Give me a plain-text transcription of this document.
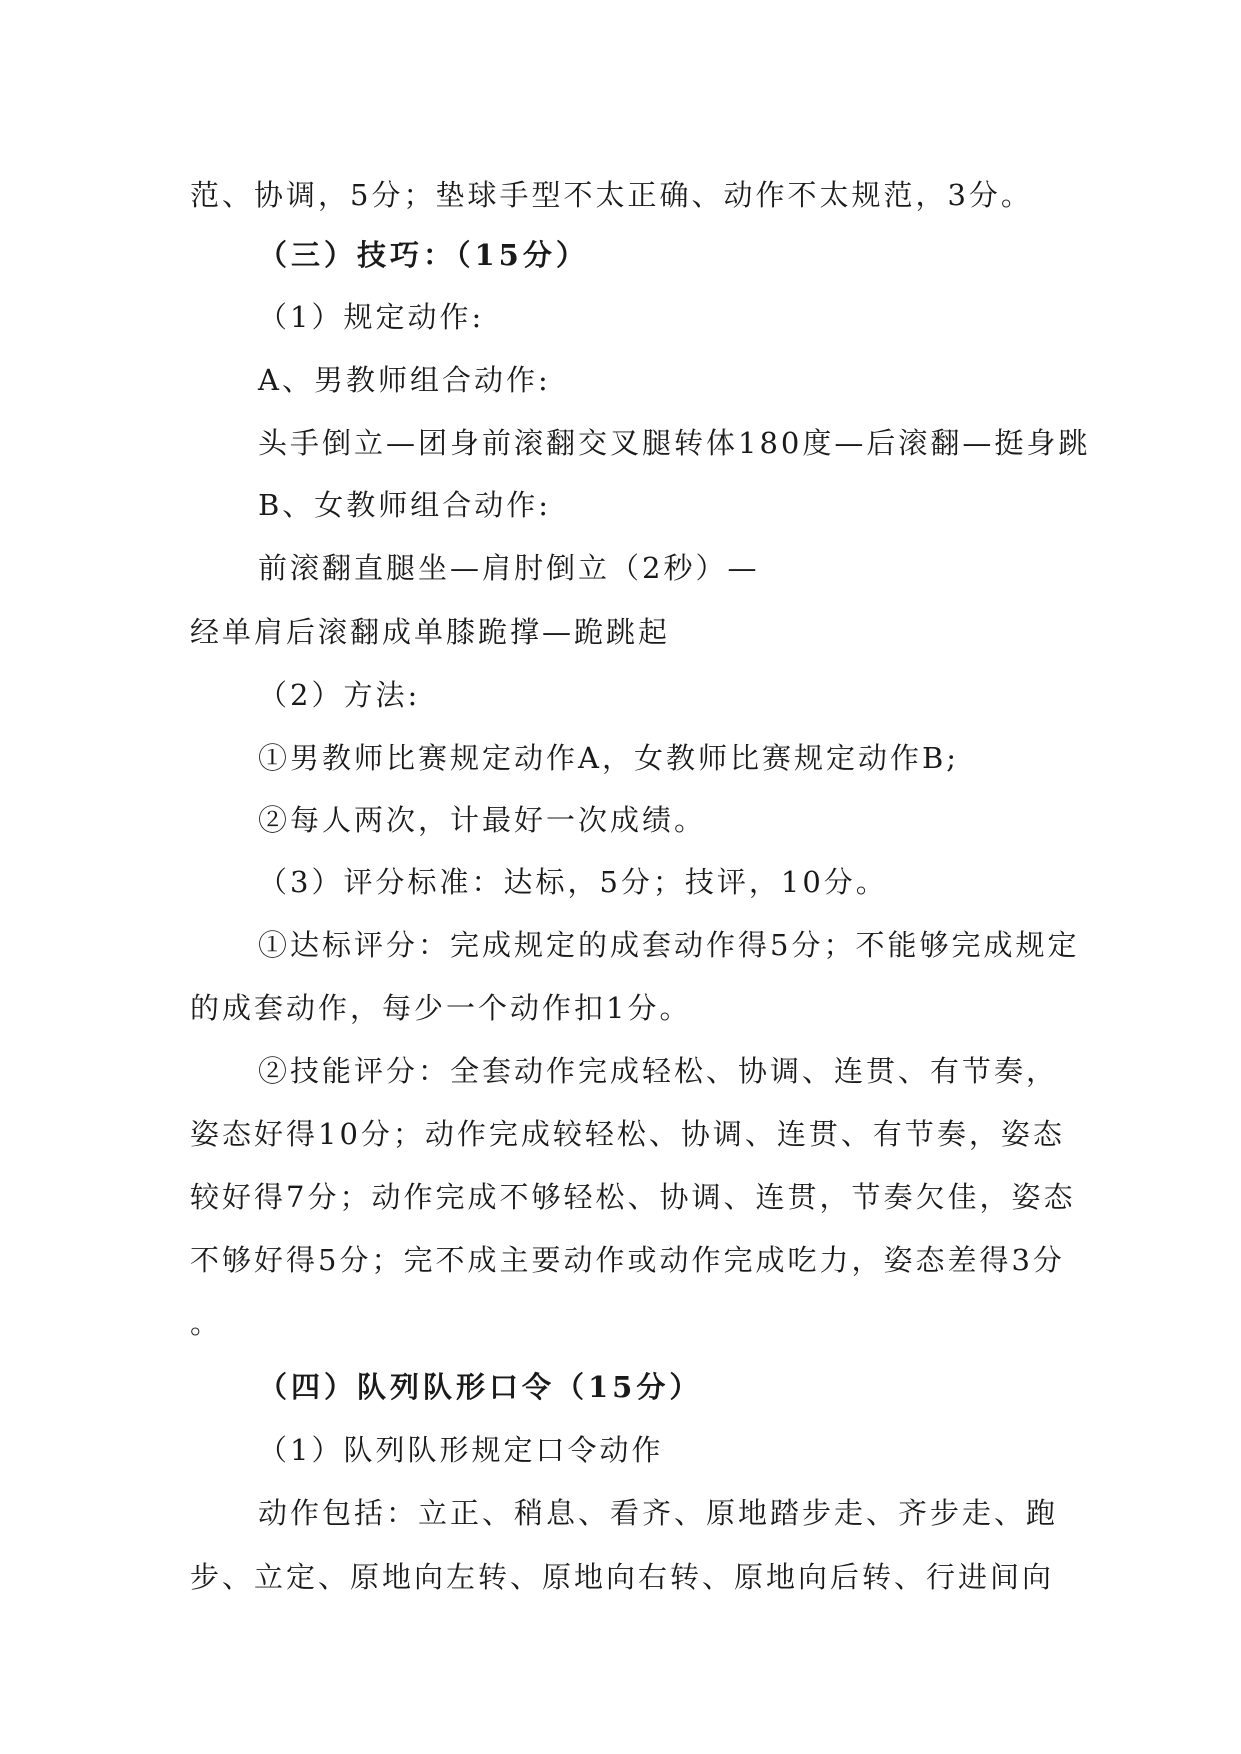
范、协调，5分；垫球手型不太正确、动作不太规范，3分。
（三）技巧：（15分）
（1）规定动作:
A、男教师组合动作:
头手倒立—团身前滚翻交叉腿转体180度—后滚翻—挺身跳
B、女教师组合动作:
前滚翻直腿坐—肩肘倒立（2秒）—
经单肩后滚翻成单膝跪撑—跪跳起
（2）方法:
①男教师比赛规定动作A，女教师比赛规定动作B;
②每人两次，计最好一次成绩。
（3）评分标准：达标，5分；技评，10分。
①达标评分：完成规定的成套动作得5分；不能够完成规定
的成套动作，每少一个动作扣1分。
②技能评分：全套动作完成轻松、协调、连贯、有节奏，
姿态好得10分；动作完成较轻松、协调、连贯、有节奏，姿态
较好得7分；动作完成不够轻松、协调、连贯，节奏欠佳，姿态
不够好得5分；完不成主要动作或动作完成吃力，姿态差得3分
。
（四）队列队形口令（15分）
（1）队列队形规定口令动作
动作包括：立正、稍息、看齐、原地踏步走、齐步走、跑
步、立定、原地向左转、原地向右转、原地向后转、行进间向
